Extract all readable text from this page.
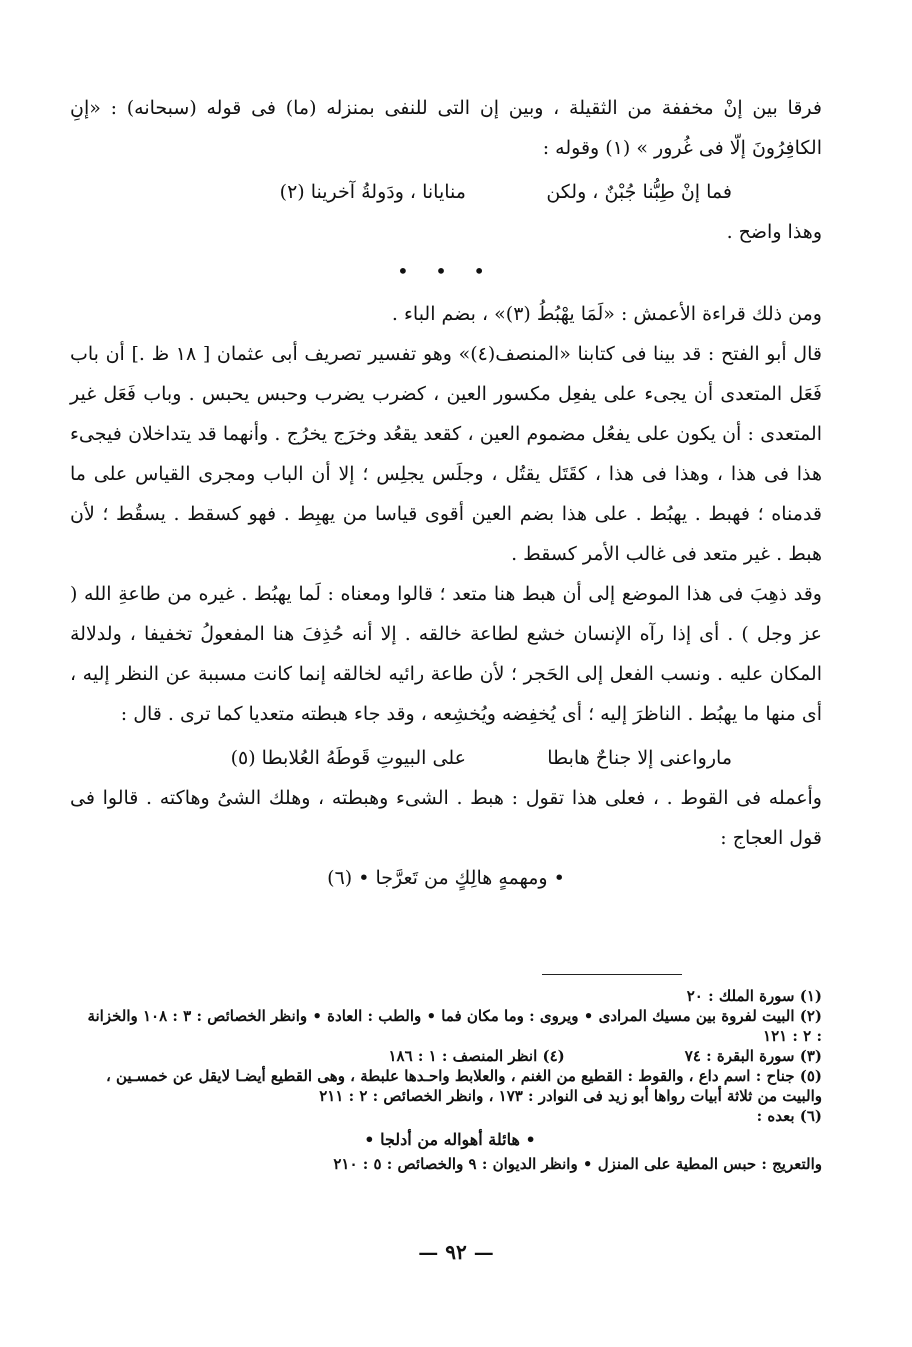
فرقا بين إنْ مخففة من الثقيلة ، وبين إن التى للنفى بمنزله (ما) فى قوله (سبحانه) : «إنِ الكافِرُونَ إلّا فى غُرور » (١) وقوله :

فما إنْ طِبُّنا جُبْنٌ ، ولكن منايانا ، ودَولةُ آخرينا (٢)

وهذا واضح .

• • •

ومن ذلك قراءة الأعمش : «لَمَا يهْبُطُ (٣)» ، بضم الباء .

قال أبو الفتح : قد بينا فى كتابنا «المنصف(٤)» وهو تفسير تصريف أبى عثمان [ ١٨ ظ .] أن باب فَعَل المتعدى أن يجىء على يفعِل مكسور العين ، كضرب يضرب وحبس يحبس . وباب فَعَل غير المتعدى : أن يكون على يفعُل مضموم العين ، كقعد يقعُد وخرَج يخرُج . وأنهما قد يتداخلان فيجىء هذا فى هذا ، وهذا فى هذا ، كقَتَل يقتُل ، وجلَس يجلِس ؛ إلا أن الباب ومجرى القياس على ما قدمناه ؛ فهبط . يهبُط . على هذا بضم العين أقوى قياسا من يهبِط . فهو كسقط . يسقُط ؛ لأن هبط . غير متعد فى غالب الأمر كسقط .

وقد ذهِبَ فى هذا الموضع إلى أن هبط هنا متعد ؛ قالوا ومعناه : لَما يهبُط . غيره من طاعةِ الله ( عز وجل ) . أى إذا رآه الإنسان خشع لطاعة خالقه . إلا أنه حُذِفَ هنا المفعولُ تخفيفا ، ولدلالة المكان عليه . ونسب الفعل إلى الحَجر ؛ لأن طاعة رائيه لخالقه إنما كانت مسببة عن النظر إليه ، أى منها ما يهبُط . الناظرَ إليه ؛ أى يُخفِضه ويُخشِعه ، وقد جاء هبطته متعديا كما ترى . قال :

مارواعنى إلا جناحٌ هابطا على البيوتِ قَوطَهُ العُلابطا (٥)

وأعمله فى القوط . ، فعلى هذا تقول : هبط . الشىء وهبطته ، وهلك الشىُ وهاكته . قالوا فى قول العجاج :

• ومهمهٍ هالِكٍ من تَعرَّجا • (٦)

(١) سورة الملك : ٢٠

(٢) البيت لفروة بين مسيك المرادى • ويروى : وما مكان فما • والطب : العادة • وانظر الخصائص : ٣ : ١٠٨ والخزانة : ٢ : ١٢١

(٣) سورة البقرة : ٧٤
(٤) انظر المنصف : ١ : ١٨٦

(٥) جناح : اسم داع ، والقوط : القطيع من الغنم ، والعلابط واحـدها علبطة ، وهى القطيع أيضـا لايقل عن خمسـين ، والبيت من ثلاثة أبيات رواها أبو زيد فى النوادر : ١٧٣ ، وانظر الخصائص : ٢ : ٢١١

(٦) بعده :

• هائلة أهواله من أدلجا •

والتعريج : حبس المطية على المنزل • وانظر الديوان : ٩ والخصائص : ٥ : ٢١٠

— ٩٢ —
